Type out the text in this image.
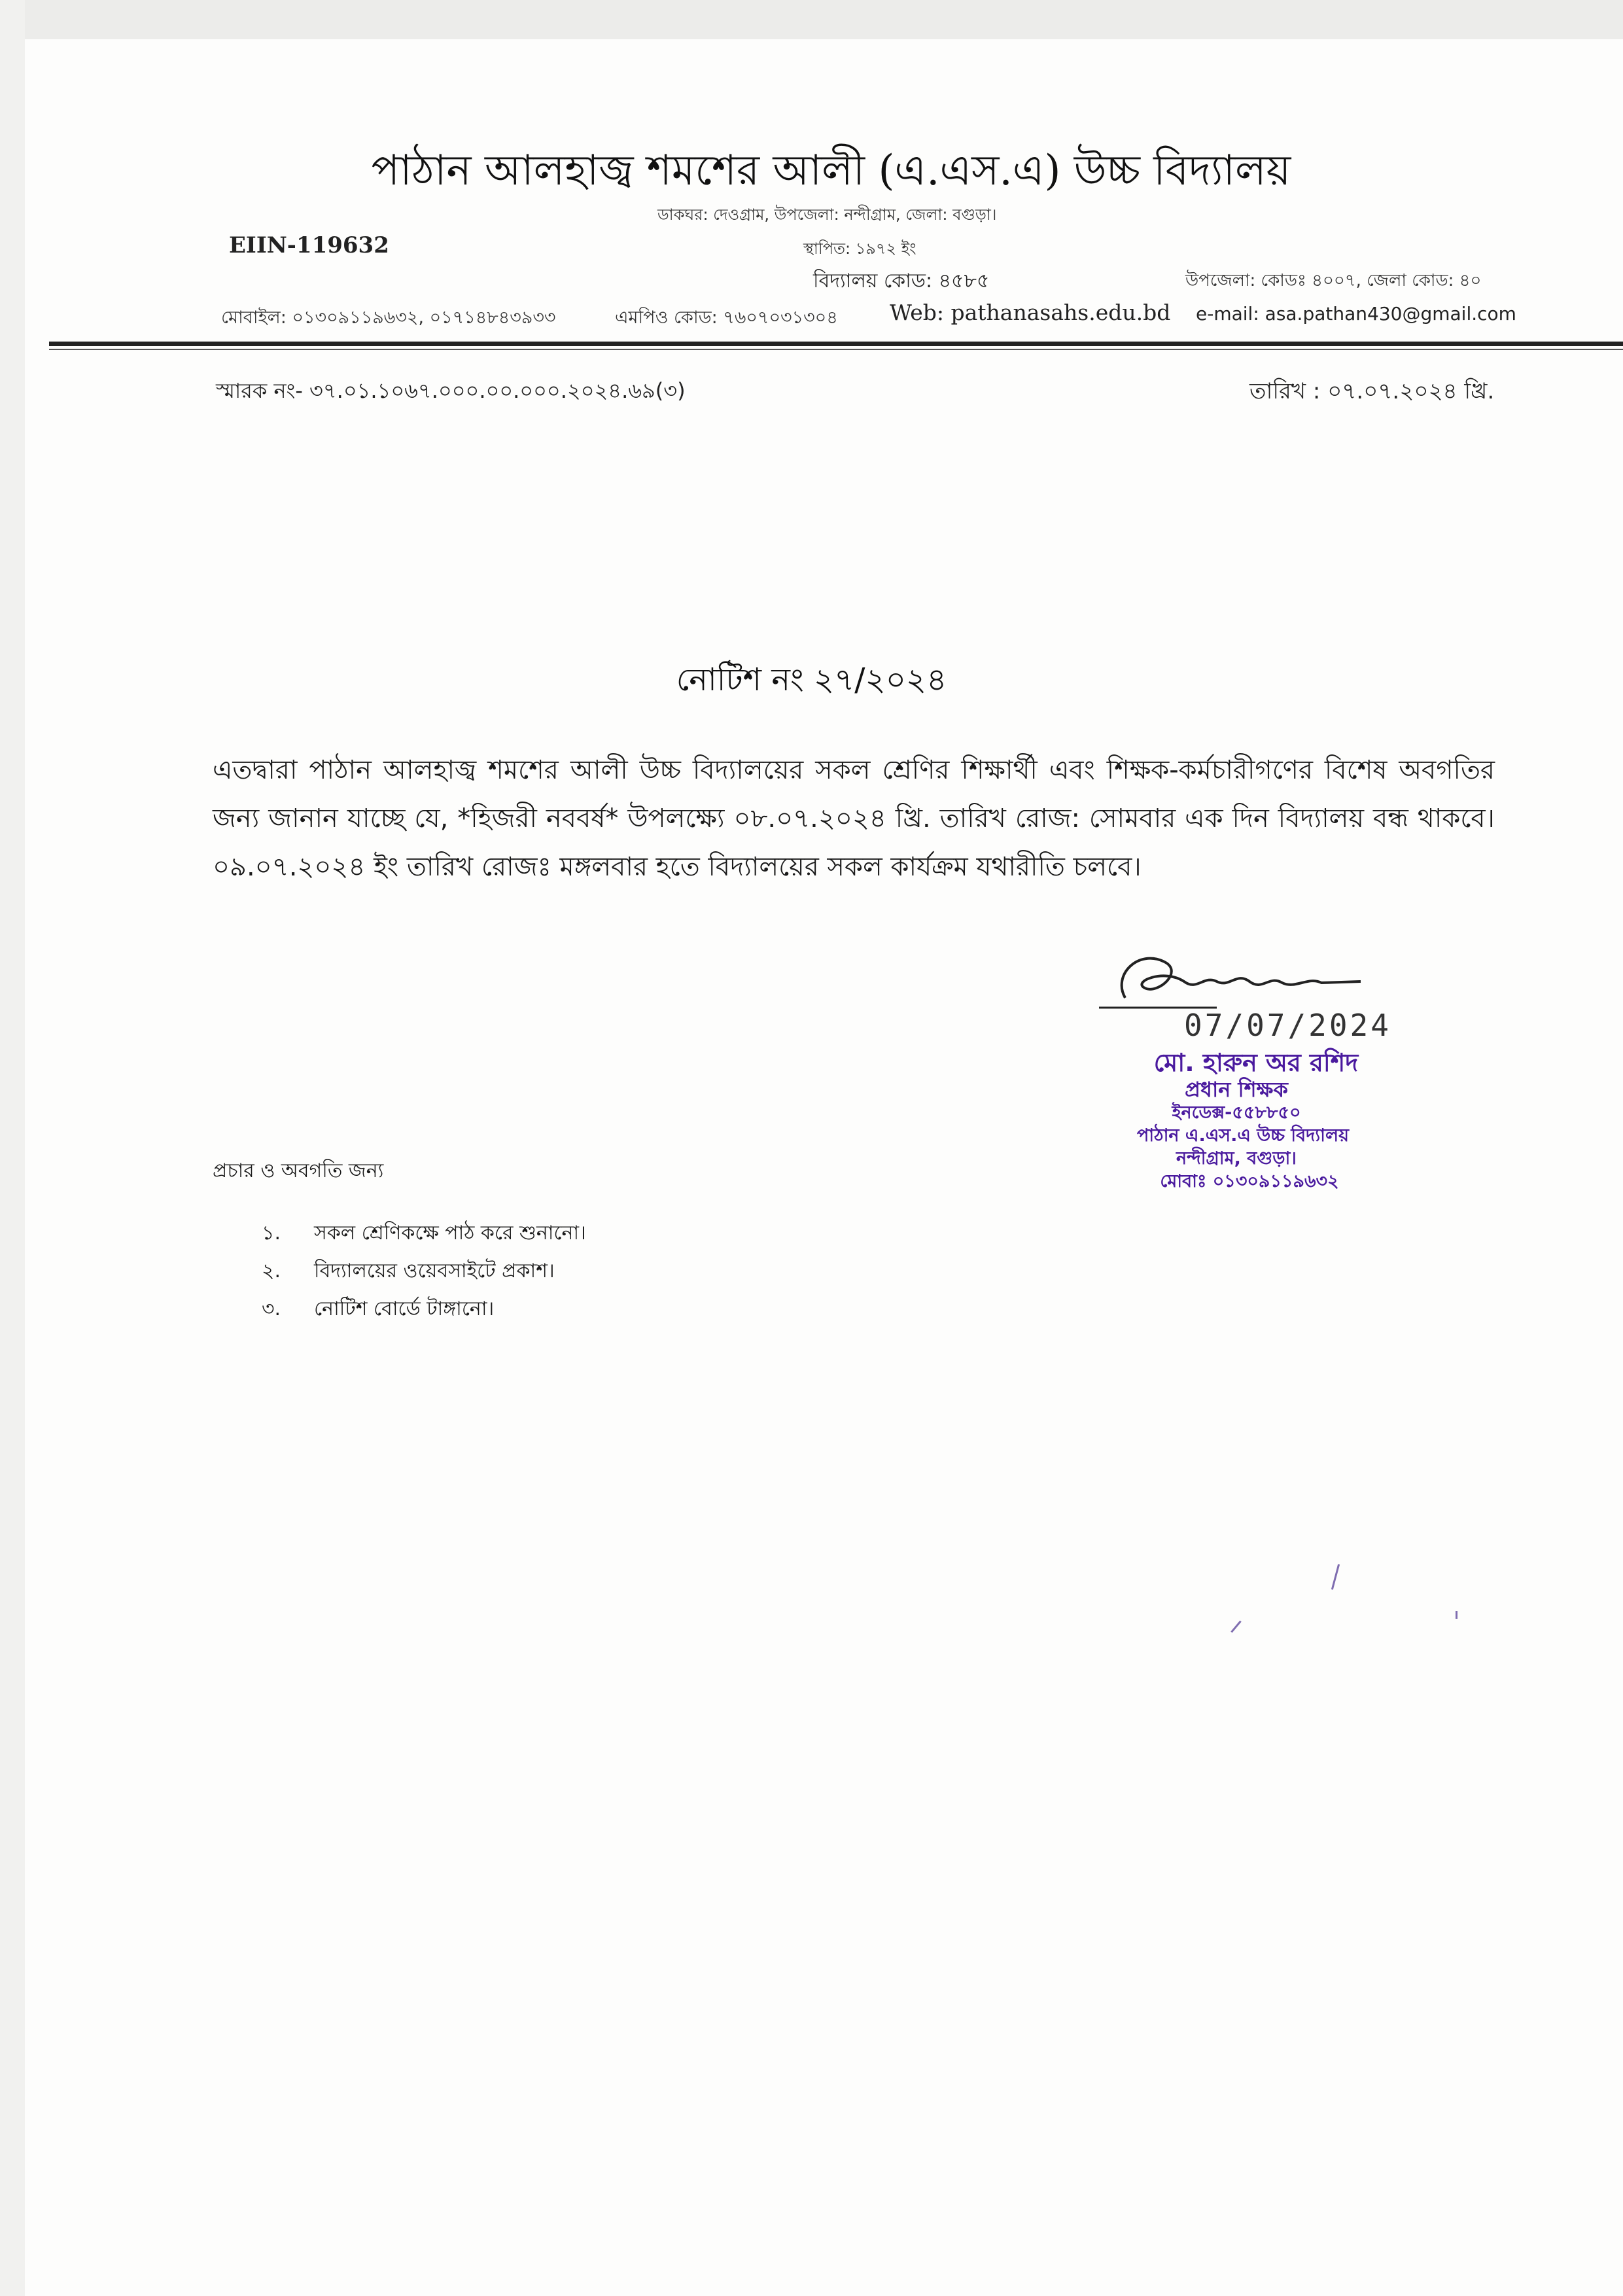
পাঠান আলহাজ্ব শমশের আলী (এ.এস.এ) উচ্চ বিদ্যালয়
ডাকঘর: দেওগ্রাম, উপজেলা: নন্দীগ্রাম, জেলা: বগুড়া।
স্থাপিত: ১৯৭২ ইং
EIIN-119632
বিদ্যালয় কোড: ৪৫৮৫	উপজেলা: কোডঃ ৪০০৭, জেলা কোড: ৪০
মোবাইল: ০১৩০৯১১৯৬৩২, ০১৭১৪৮৪৩৯৩৩	এমপিও কোড: ৭৬০৭০৩১৩০৪ Web: pathanasahs.edu.bd e-mail: asa.pathan430@gmail.com
স্মারক নং- ৩৭.০১.১০৬৭.০০০.০০.০০০.২০২৪.৬৯(৩)	তারিখ : ০৭.০৭.২০২৪ খ্রি.
নোটিশ নং ২৭/২০২৪
এতদ্বারা পাঠান আলহাজ্ব শমশের আলী উচ্চ বিদ্যালয়ের সকল শ্রেণির শিক্ষার্থী এবং শিক্ষক-কর্মচারীগণের বিশেষ অবগতির জন্য জানান যাচ্ছে যে, *হিজরী নববর্ষ* উপলক্ষ্যে ০৮.০৭.২০২৪ খ্রি. তারিখ রোজ: সোমবার এক দিন বিদ্যালয় বন্ধ থাকবে। ০৯.০৭.২০২৪ ইং তারিখ রোজঃ মঙ্গলবার হতে বিদ্যালয়ের সকল কার্যক্রম যথারীতি চলবে।
07/07/2024
মো. হারুন অর রশিদ
প্রধান শিক্ষক
ইনডেক্স-৫৫৮৮৫০
পাঠান এ.এস.এ উচ্চ বিদ্যালয়
নন্দীগ্রাম, বগুড়া।
মোবাঃ ০১৩০৯১১৯৬৩২
প্রচার ও অবগতি জন্য
১. সকল শ্রেণিকক্ষে পাঠ করে শুনানো।
২. বিদ্যালয়ের ওয়েবসাইটে প্রকাশ।
৩. নোটিশ বোর্ডে টাঙ্গানো।
